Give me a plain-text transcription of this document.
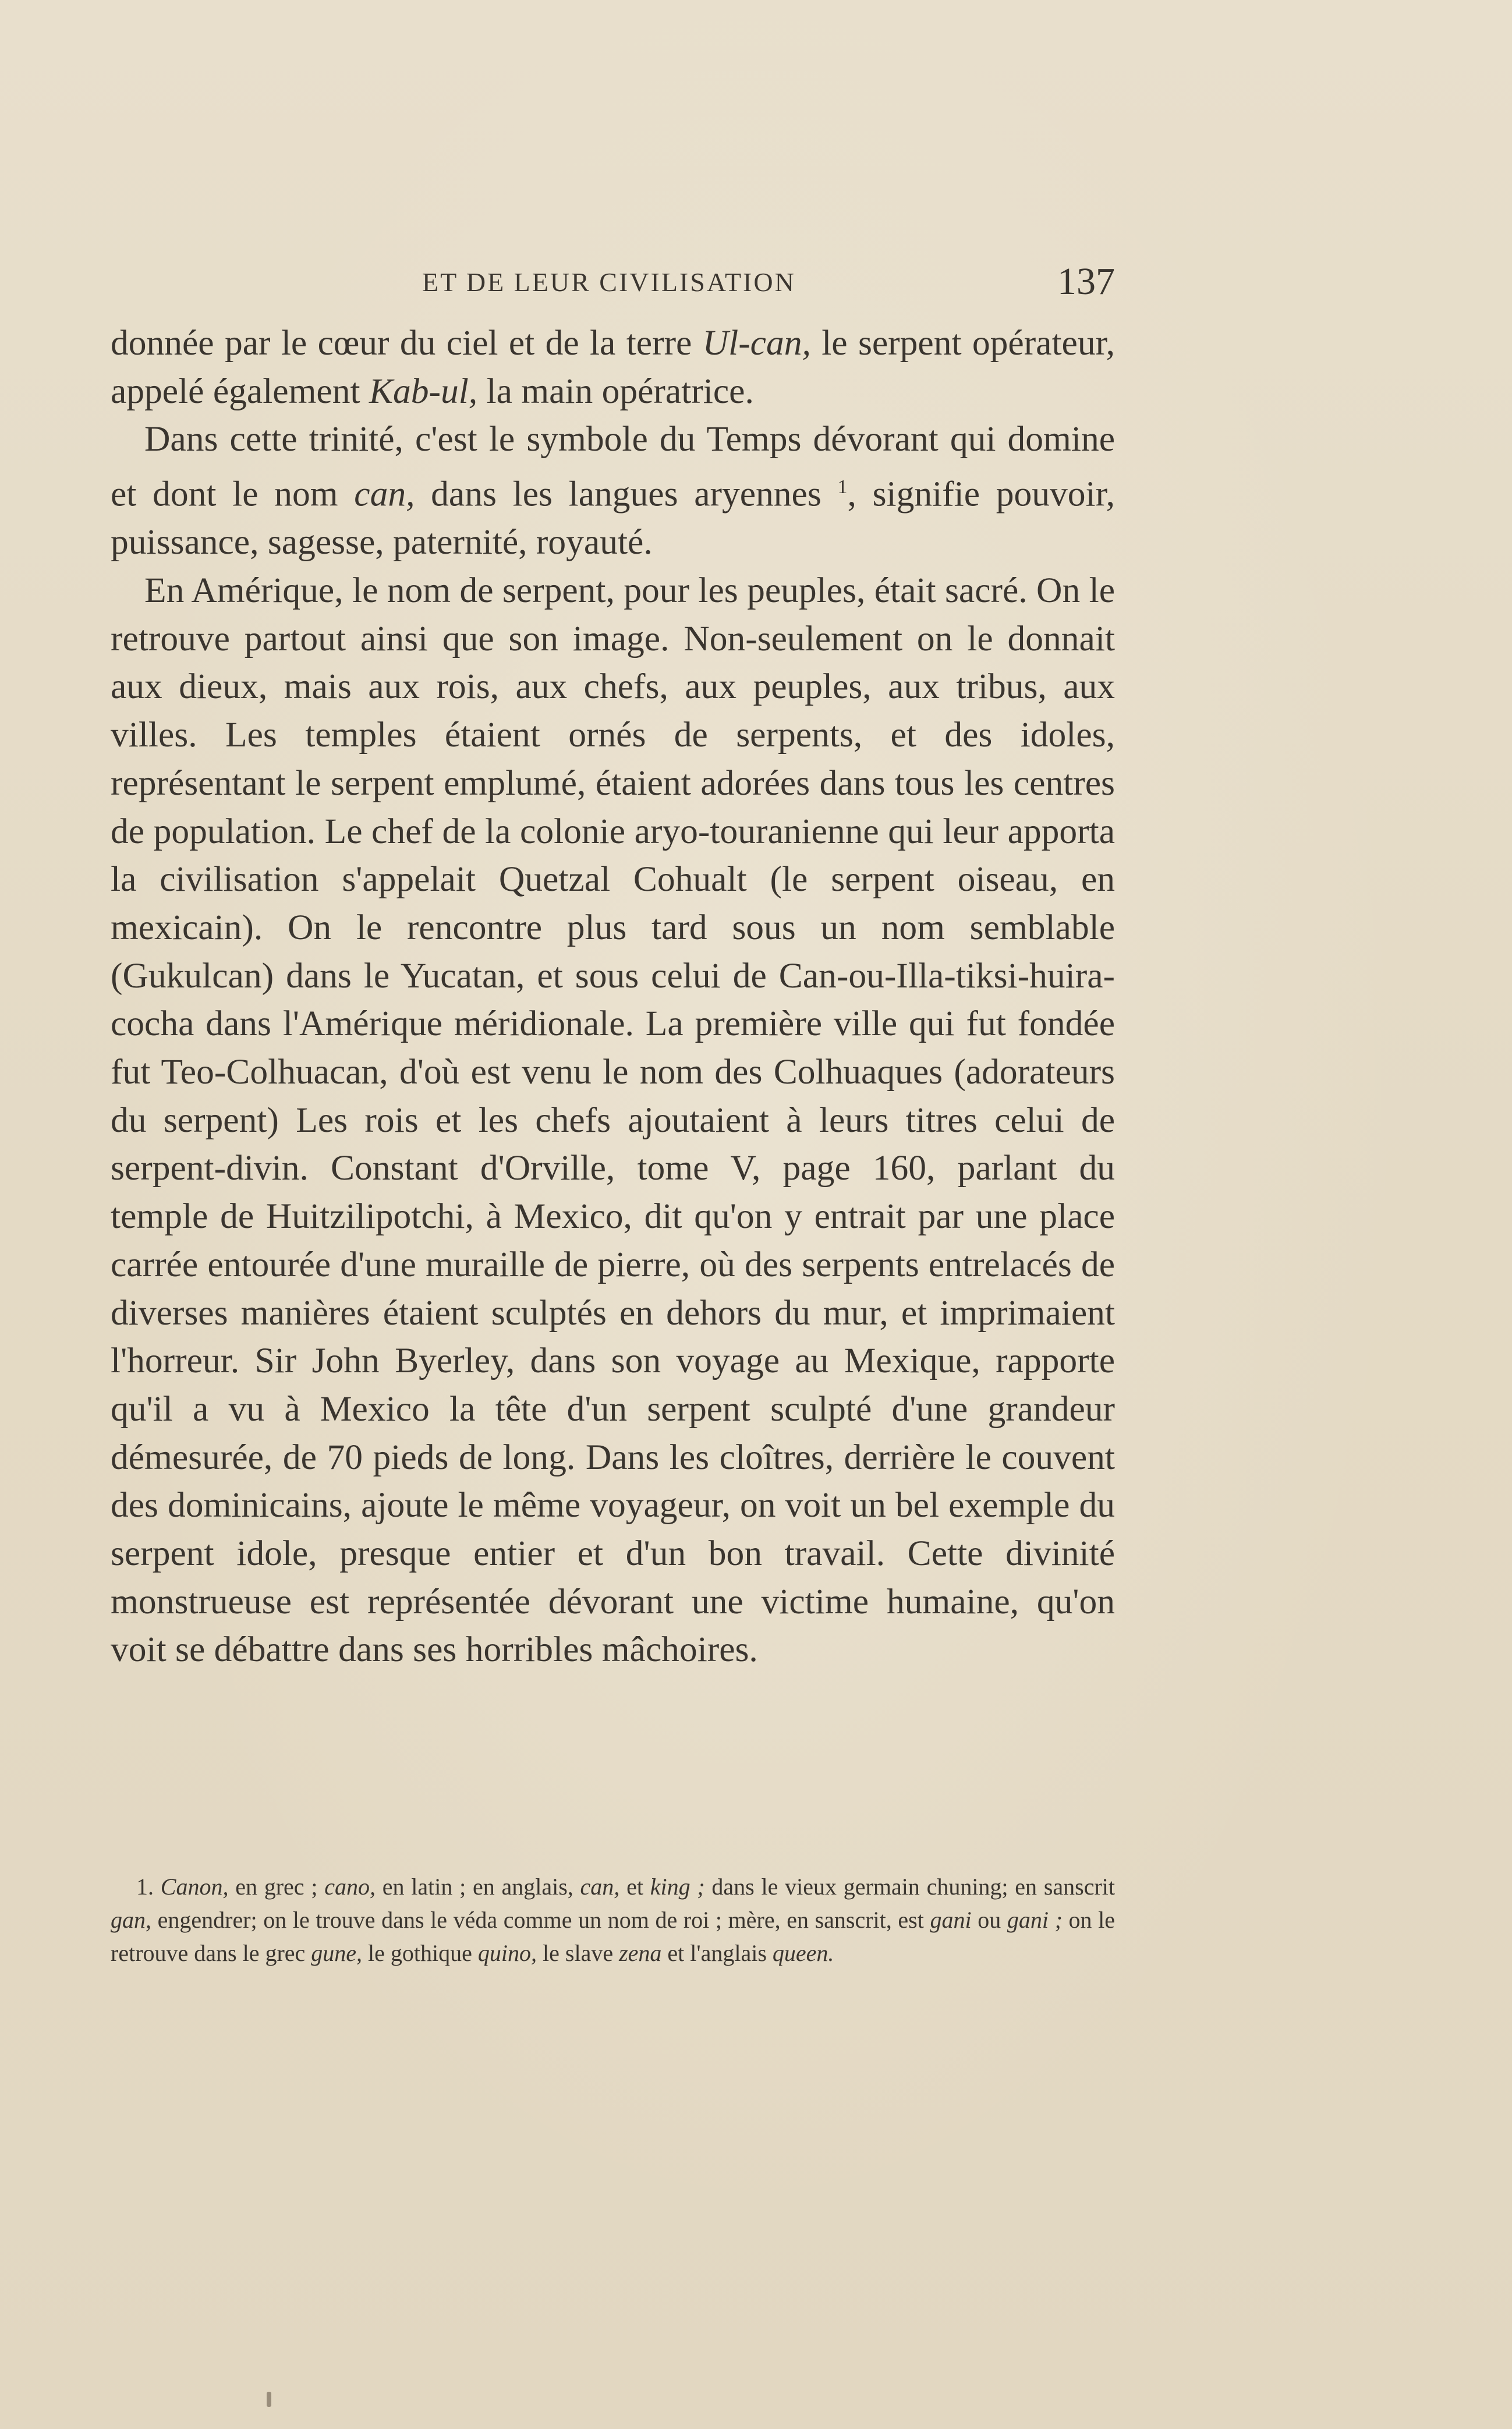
ET DE LEUR CIVILISATION	137

donnée par le cœur du ciel et de la terre Ul-can, le serpent opérateur, appelé également Kab-ul, la main opératrice.

Dans cette trinité, c'est le symbole du Temps dévorant qui domine et dont le nom can, dans les langues aryennes $^1$, signifie pouvoir, puissance, sagesse, paternité, royauté.

En Amérique, le nom de serpent, pour les peuples, était sacré. On le retrouve partout ainsi que son image. Non-seulement on le donnait aux dieux, mais aux rois, aux chefs, aux peuples, aux tribus, aux villes. Les temples étaient ornés de serpents, et des idoles, représentant le serpent emplumé, étaient adorées dans tous les centres de population. Le chef de la colonie aryo-touranienne qui leur apporta la civilisation s'appelait Quetzal Cohualt (le serpent oiseau, en mexicain). On le rencontre plus tard sous un nom semblable (Gukulcan) dans le Yucatan, et sous celui de Can-ou-Illa-tiksi-huira-cocha dans l'Amérique méridionale. La première ville qui fut fondée fut Teo-Colhuacan, d'où est venu le nom des Colhuaques (adorateurs du serpent) Les rois et les chefs ajoutaient à leurs titres celui de serpent-divin. Constant d'Orville, tome V, page 160, parlant du temple de Huitzilipotchi, à Mexico, dit qu'on y entrait par une place carrée entourée d'une muraille de pierre, où des serpents entrelacés de diverses manières étaient sculptés en dehors du mur, et imprimaient l'horreur. Sir John Byerley, dans son voyage au Mexique, rapporte qu'il a vu à Mexico la tête d'un serpent sculpté d'une grandeur démesurée, de 70 pieds de long. Dans les cloîtres, derrière le couvent des dominicains, ajoute le même voyageur, on voit un bel exemple du serpent idole, presque entier et d'un bon travail. Cette divinité monstrueuse est représentée dévorant une victime humaine, qu'on voit se débattre dans ses horribles mâchoires.

1. Canon, en grec ; cano, en latin ; en anglais, can, et king ; dans le vieux germain chuning; en sanscrit gan, engendrer; on le trouve dans le véda comme un nom de roi ; mère, en sanscrit, est gani ou gani ; on le retrouve dans le grec gune, le gothique quino, le slave zena et l'anglais queen.
